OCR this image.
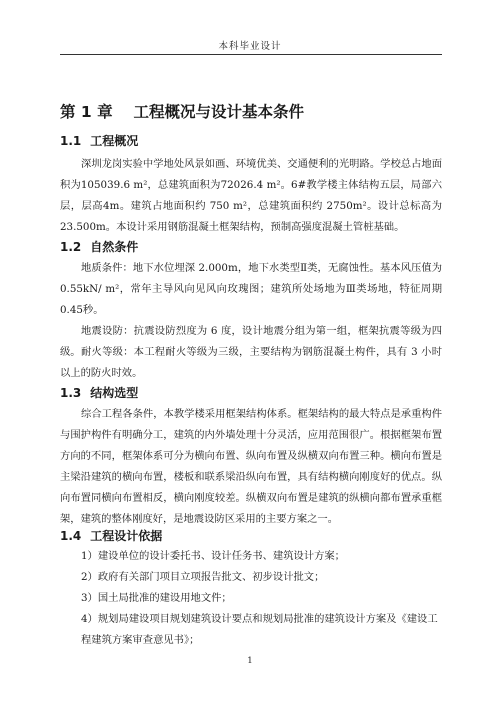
本科毕业设计
第 1 章　 工程概况与设计基本条件
1.1 工程概况
深圳龙岗实验中学地处风景如画、环境优美、交通便利的光明路。学校总占地面积为105039.6 m²，总建筑面积为72026.4 m²。6#教学楼主体结构五层，局部六层，层高4m。建筑占地面积约 750 m²，总建筑面积约 2750m²。设计总标高为23.500m。本设计采用钢筋混凝土框架结构，预制高强度混凝土管桩基础。
1.2 自然条件
地质条件：地下水位埋深 2.000m，地下水类型Ⅱ类，无腐蚀性。基本风压值为0.55kN/ m²，常年主导风向见风向玫瑰图；建筑所处场地为Ⅲ类场地，特征周期 0.45秒。
地震设防：抗震设防烈度为 6 度，设计地震分组为第一组，框架抗震等级为四级。 耐火等级：本工程耐火等级为三级，主要结构为钢筋混凝土构件，具有 3 小时以上的防火时效。
1.3 结构选型
综合工程各条件，本教学楼采用框架结构体系。框架结构的最大特点是承重构件与围护构件有明确分工，建筑的内外墙处理十分灵活，应用范围很广。根据框架布置方向的不同，框架体系可分为横向布置、纵向布置及纵横双向布置三种。横向布置是主梁沿建筑的横向布置，楼板和联系梁沿纵向布置，具有结构横向刚度好的优点。纵向布置同横向布置相反，横向刚度较差。纵横双向布置是建筑的纵横向都布置承重框架，建筑的整体刚度好，是地震设防区采用的主要方案之一。
1.4 工程设计依据
1）建设单位的设计委托书、设计任务书、建筑设计方案；
2）政府有关部门项目立项报告批文、初步设计批文；
3）国土局批准的建设用地文件；
4）规划局建设项目规划建筑设计要点和规划局批准的建筑设计方案及《建设工程建筑方案审查意见书》；
1
